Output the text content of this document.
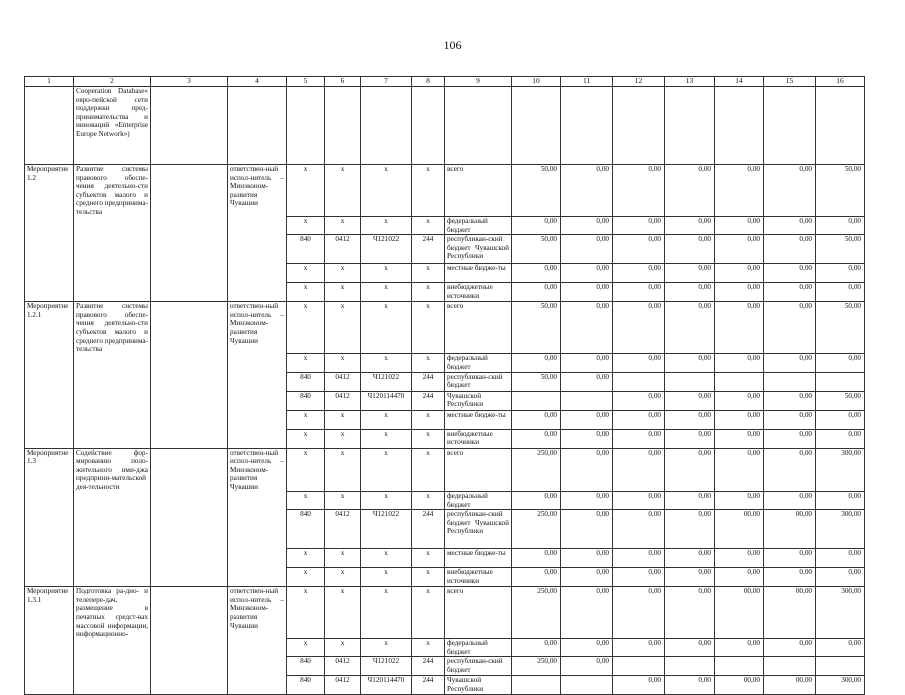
106
1	2	3	4	5	6	7	8	9	10	11	12	13	14	15	16
	Cooperation Database» евро-пейской сети поддержки пред-принимательства и инноваций «Enterprise Europe Network»)														
Мероприятие 1.2	Развитие системы правового обеспе-чения деятельно-сти субъектов малого и среднего предпринима-тельства		ответствен-ный испол-нитель – Минэконом-развития Чувашии	x	x	x	x	всего	50,00	0,00	0,00	0,00	0,00	0,00	50,00
				x	x	x	x	федеральный бюджет	0,00	0,00	0,00	0,00	0,00	0,00	0,00
				840	0412	Ч121022	244	республикан-ский бюджет Чувашской Республики	50,00	0,00	0,00	0,00	0,00	0,00	50,00
				x	x	x	x	местные бюдже-ты	0,00	0,00	0,00	0,00	0,00	0,00	0,00
				x	x	x	x	внебюджетные источники	0,00	0,00	0,00	0,00	0,00	0,00	0,00
Мероприятие 1.2.1	Развитие системы правового обеспе-чения деятельно-сти субъектов малого и среднего предпринима-тельства		ответствен-ный испол-нитель – Минэконом-развития Чувашии	x	x	x	x	всего	50,00	0,00	0,00	0,00	0,00	0,00	50,00
				x	x	x	x	федеральный бюджет	0,00	0,00	0,00	0,00	0,00	0,00	0,00
				840	0412	Ч121022	244	республикан-ский бюджет	50,00	0,00					
				840	0412	Ч120114470	244	Чувашской Республики			0,00	0,00	0,00	0,00	50,00
				x	x	x	x	местные бюдже-ты	0,00	0,00	0,00	0,00	0,00	0,00	0,00
				x	x	x	x	внебюджетные источники	0,00	0,00	0,00	0,00	0,00	0,00	0,00
Мероприятие 1.3	Содействие фор-мированию поло-жительного ими-джа предприни-мательской дея-тельности		ответствен-ный испол-нитель – Минэконом-развития Чувашии	x	x	x	x	всего	250,00	0,00	0,00	0,00	0,00	0,00	300,00
				x	x	x	x	федеральный бюджет	0,00	0,00	0,00	0,00	0,00	0,00	0,00
				840	0412	Ч121022	244	республикан-ский бюджет Чувашской Республики	250,00	0,00	0,00	0,00	00,00	00,00	300,00
				x	x	x	x	местные бюдже-ты	0,00	0,00	0,00	0,00	0,00	0,00	0,00
				x	x	x	x	внебюджетные источники	0,00	0,00	0,00	0,00	0,00	0,00	0,00
Мероприятие 1.3.1	Подготовка ра-дио- и телепере-дач, размещение в печатных средст-вах массовой информации, информационно-		ответствен-ный испол-нитель – Минэконом-развития Чувашии	x	x	x	x	всего	250,00	0,00	0,00	0,00	00,00	00,00	300,00
				x	x	x	x	федеральный бюджет	0,00	0,00	0,00	0,00	0,00	0,00	0,00
				840	0412	Ч121022	244	республикан-ский бюджет	250,00	0,00					
				840	0412	Ч120114470	244	Чувашской Республики			0,00	0,00	00,00	00,00	300,00
